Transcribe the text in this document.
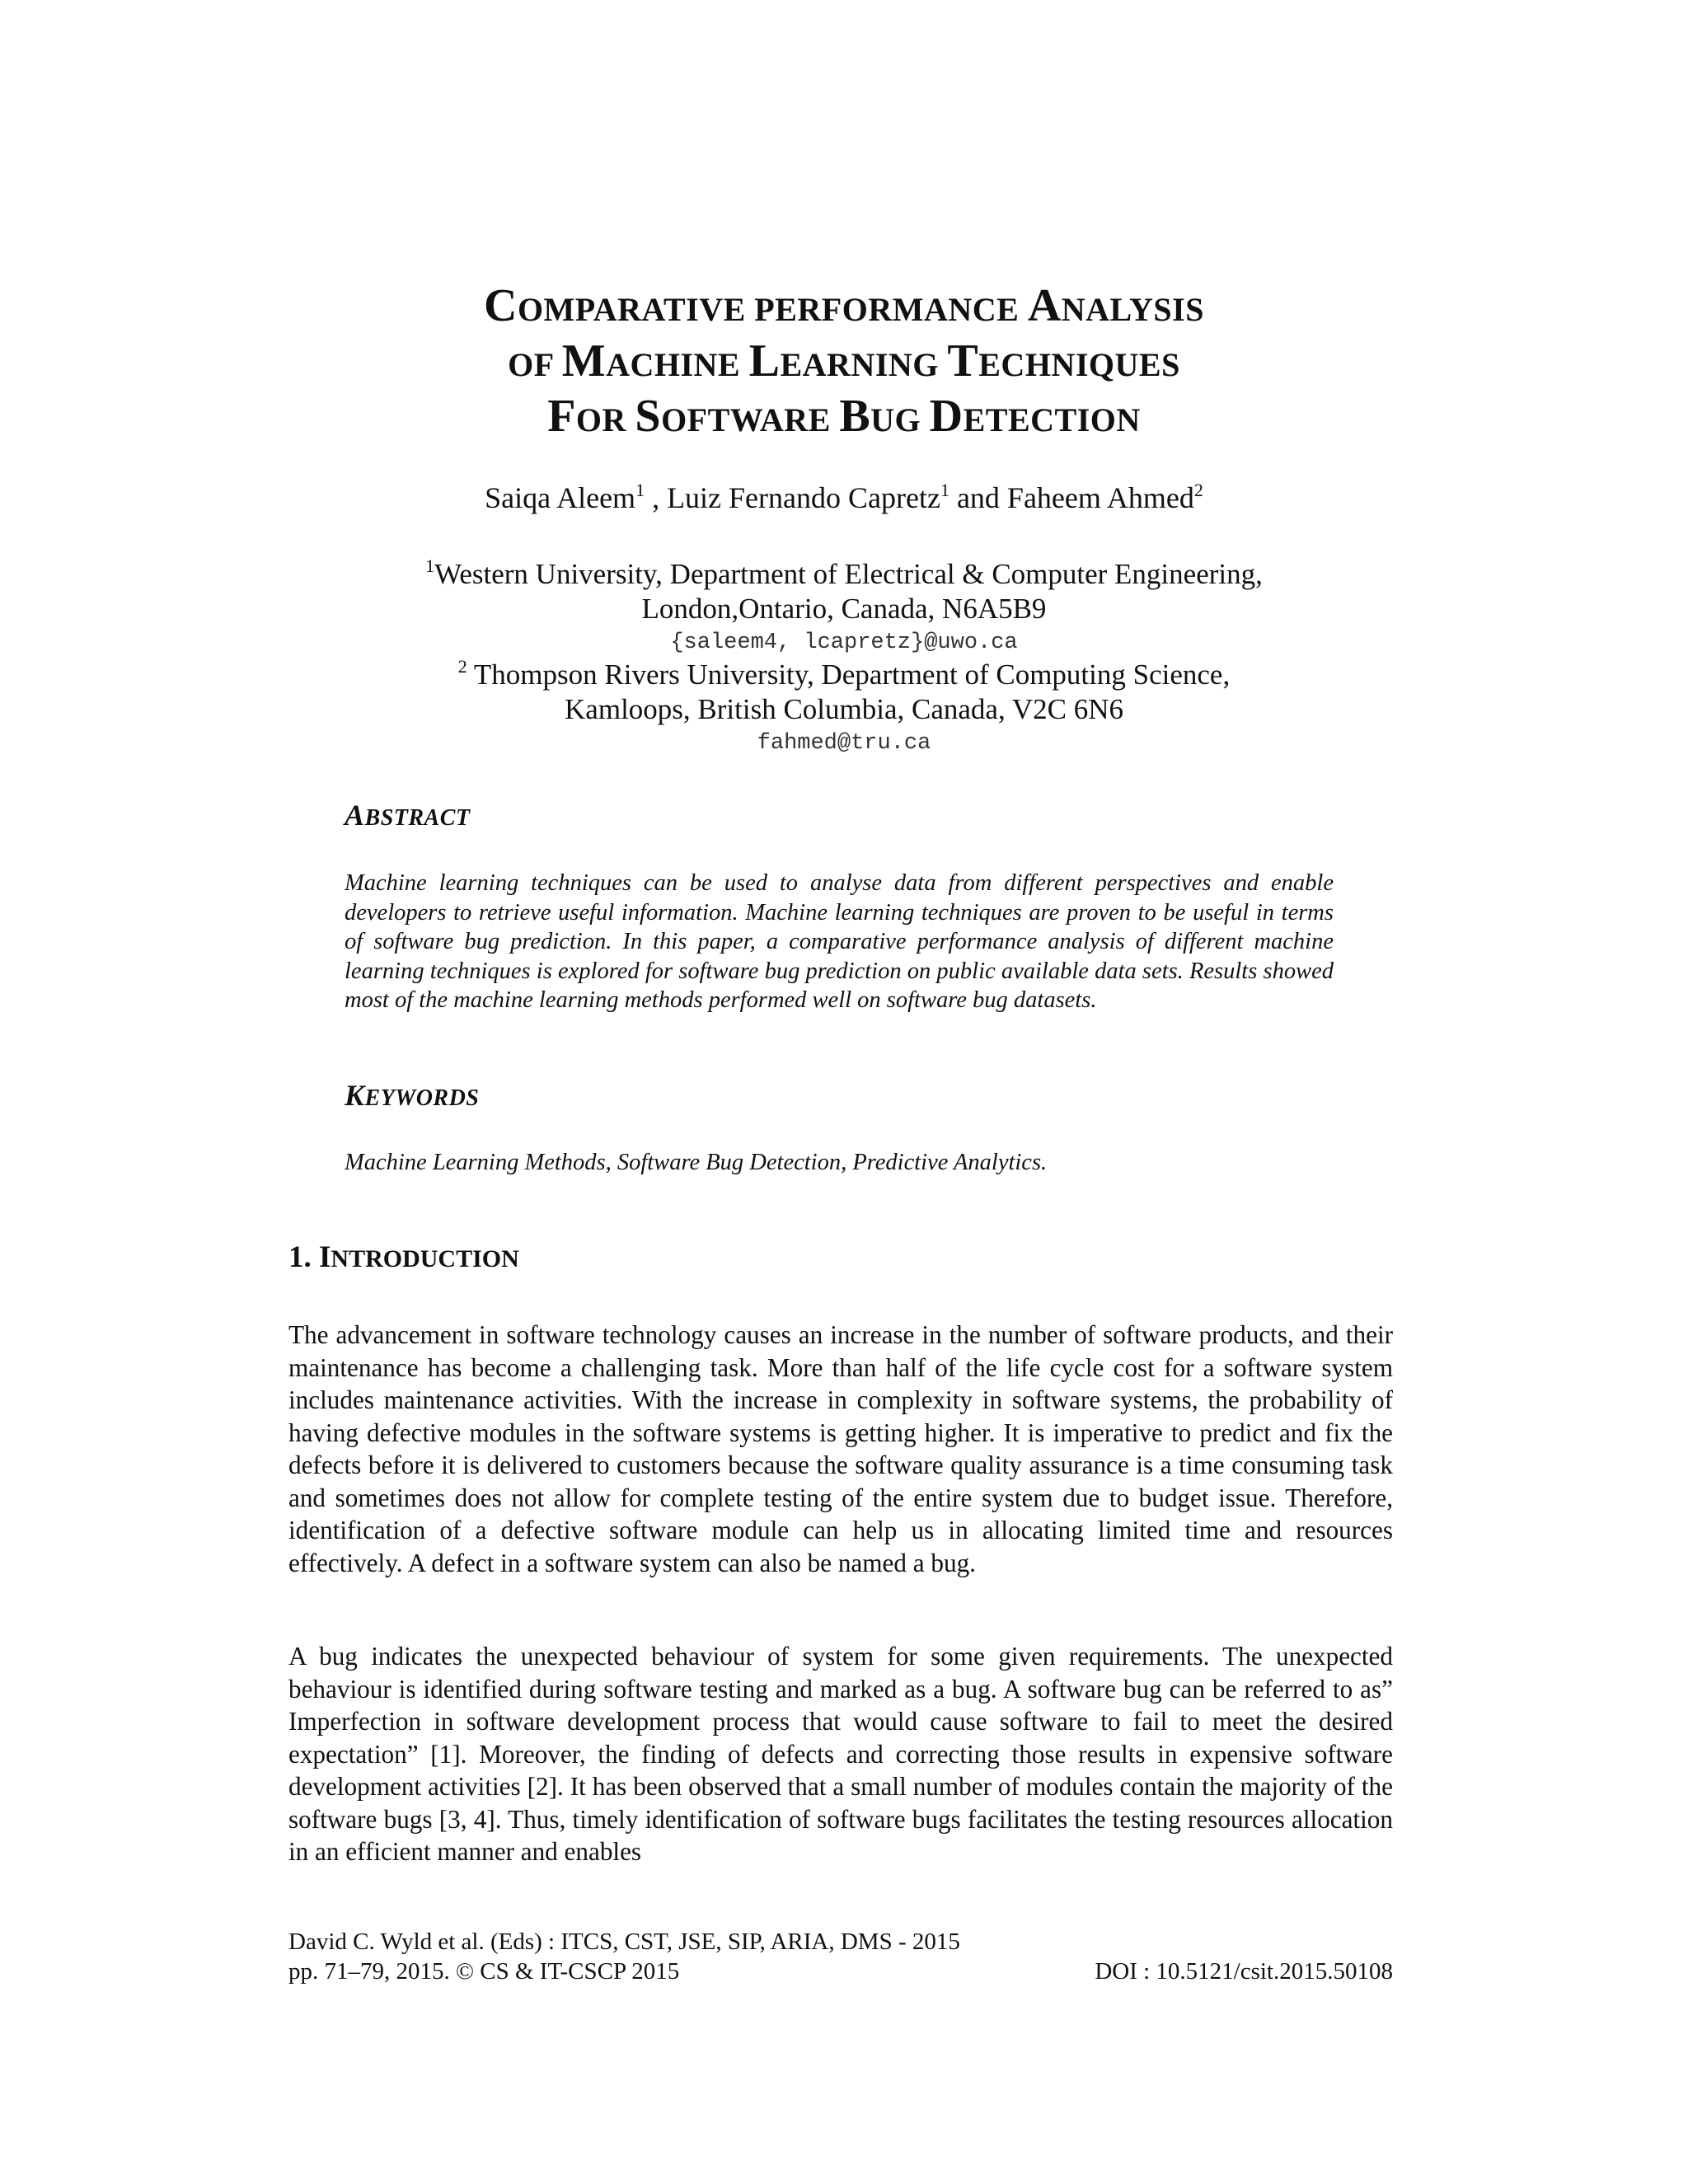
COMPARATIVE PERFORMANCE ANALYSIS
OF MACHINE LEARNING TECHNIQUES
FOR SOFTWARE BUG DETECTION
Saiqa Aleem$^1$ , Luiz Fernando Capretz$^1$ and Faheem Ahmed$^2$
$^1$Western University, Department of Electrical & Computer Engineering,
London,Ontario, Canada, N6A5B9
{saleem4, lcapretz}@uwo.ca
$^2$ Thompson Rivers University, Department of Computing Science,
Kamloops, British Columbia, Canada, V2C 6N6
fahmed@tru.ca
ABSTRACT
Machine learning techniques can be used to analyse data from different perspectives and enable developers to retrieve useful information. Machine learning techniques are proven to be useful in terms of software bug prediction. In this paper, a comparative performance analysis of different machine learning techniques is explored for software bug prediction on public available data sets. Results showed most of the machine learning methods performed well on software bug datasets.
KEYWORDS
Machine Learning Methods, Software Bug Detection, Predictive Analytics.
1. INTRODUCTION
The advancement in software technology causes an increase in the number of software products, and their maintenance has become a challenging task. More than half of the life cycle cost for a software system includes maintenance activities. With the increase in complexity in software systems, the probability of having defective modules in the software systems is getting higher. It is imperative to predict and fix the defects before it is delivered to customers because the software quality assurance is a time consuming task and sometimes does not allow for complete testing of the entire system due to budget issue. Therefore, identification of a defective software module can help us in allocating limited time and resources effectively. A defect in a software system can also be named a bug.
A bug indicates the unexpected behaviour of system for some given requirements. The unexpected behaviour is identified during software testing and marked as a bug. A software bug can be referred to as” Imperfection in software development process that would cause software to fail to meet the desired expectation” [1]. Moreover, the finding of defects and correcting those results in expensive software development activities [2]. It has been observed that a small number of modules contain the majority of the software bugs [3, 4]. Thus, timely identification of software bugs facilitates the testing resources allocation in an efficient manner and enables
David C. Wyld et al. (Eds) : ITCS, CST, JSE, SIP, ARIA, DMS - 2015
pp. 71–79, 2015. © CS & IT-CSCP 2015	DOI : 10.5121/csit.2015.50108
